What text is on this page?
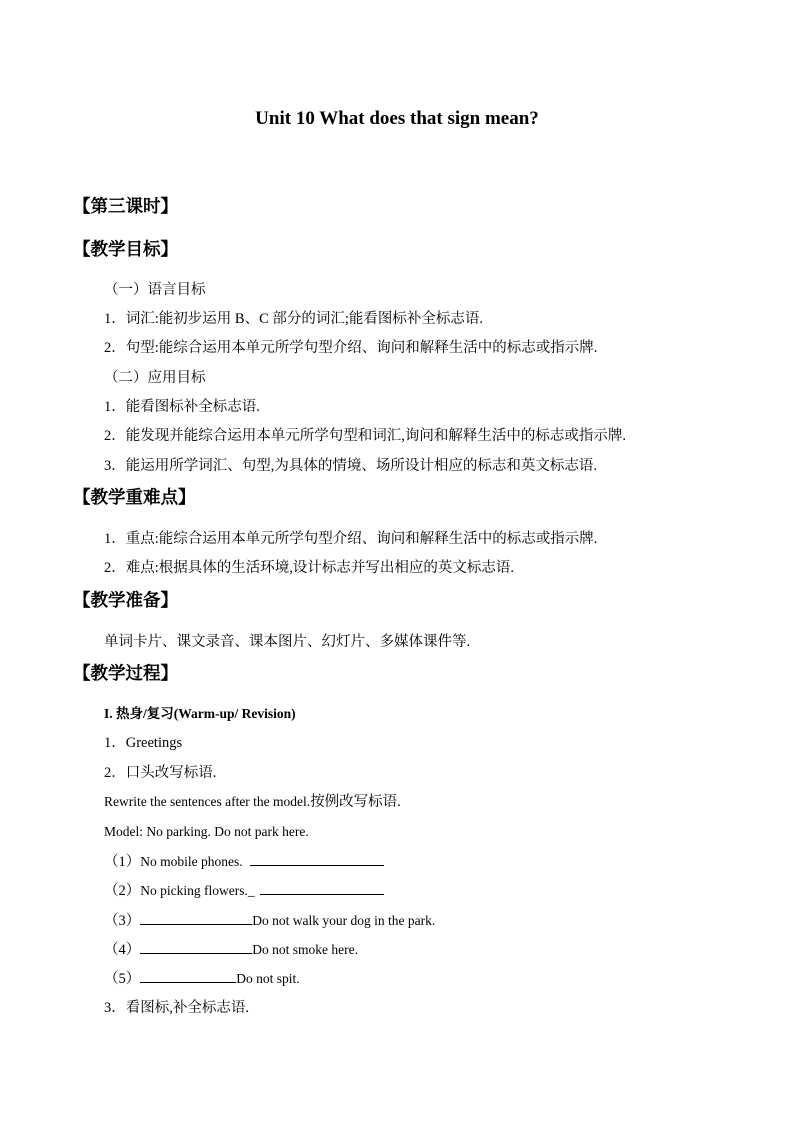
Unit 10 What does that sign mean?
【第三课时】
【教学目标】
（一）语言目标
1．词汇:能初步运用 B、C 部分的词汇;能看图标补全标志语.
2．句型:能综合运用本单元所学句型介绍、询问和解释生活中的标志或指示牌.
（二）应用目标
1．能看图标补全标志语.
2．能发现并能综合运用本单元所学句型和词汇,询问和解释生活中的标志或指示牌.
3．能运用所学词汇、句型,为具体的情境、场所设计相应的标志和英文标志语.
【教学重难点】
1．重点:能综合运用本单元所学句型介绍、询问和解释生活中的标志或指示牌.
2．难点:根据具体的生活环境,设计标志并写出相应的英文标志语.
【教学准备】
单词卡片、课文录音、课本图片、幻灯片、多媒体课件等.
【教学过程】
I. 热身/复习(Warm-up/ Revision)
1．Greetings
2．口头改写标语.
Rewrite the sentences after the model.按例改写标语.
Model: No parking. Do not park here.
（1）No mobile phones.
（2）No picking flowers._
（3）	Do not walk your dog in the park.
（4）	Do not smoke here.
（5）	Do not spit.
3．看图标,补全标志语.
